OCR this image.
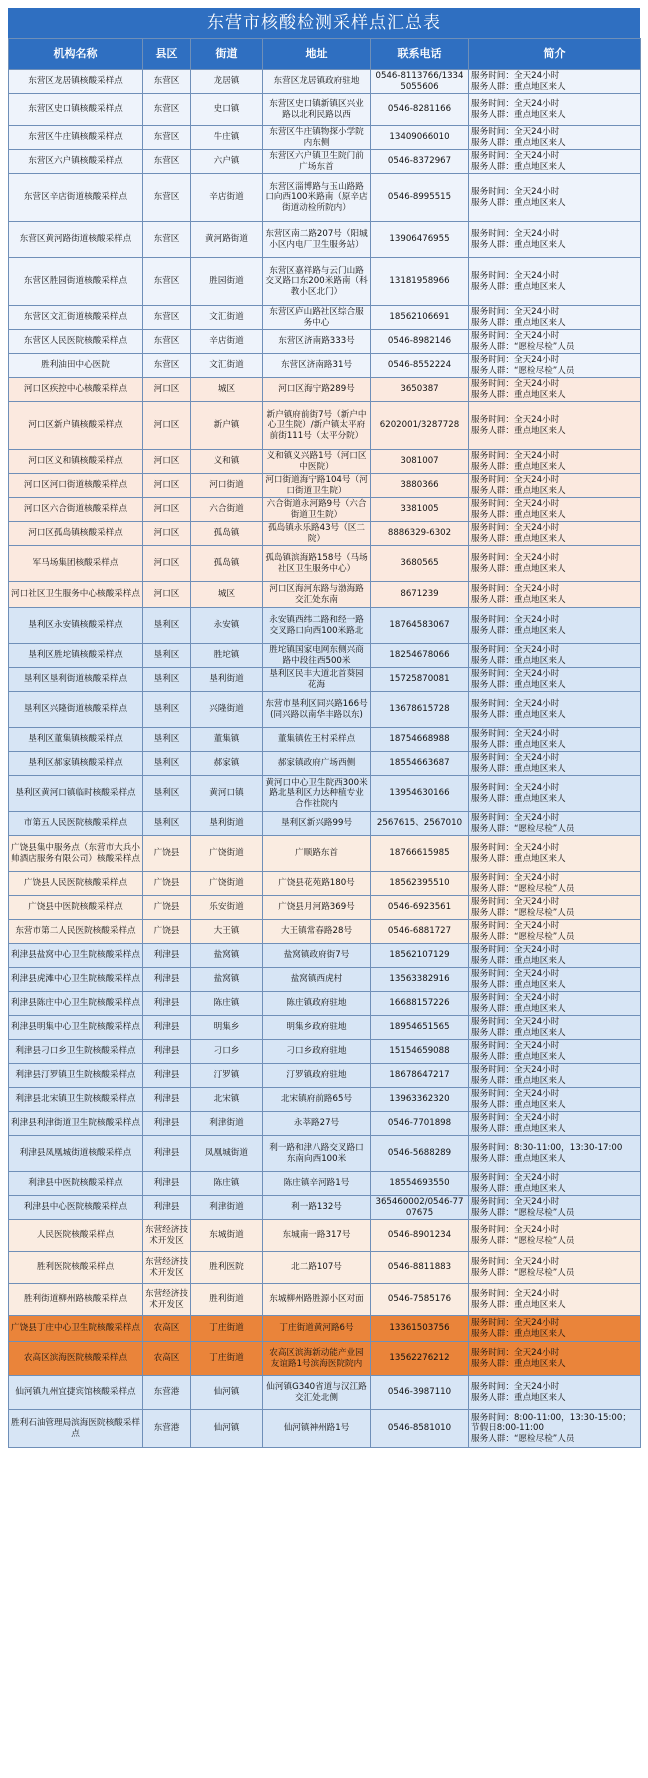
东营市核酸检测采样点汇总表
机构名称	县区	街道	地址	联系电话	简介
东营区龙居镇核酸采样点	东营区	龙居镇	东营区龙居镇政府驻地	0546-8113766/13345055606	服务时间：全天24小时
服务人群：重点地区来人
东营区史口镇核酸采样点	东营区	史口镇	东营区史口镇新镇区兴业路以北利民路以西	0546-8281166	服务时间：全天24小时
服务人群：重点地区来人
东营区牛庄镇核酸采样点	东营区	牛庄镇	东营区牛庄镇物探小学院内东侧	13409066010	服务时间：全天24小时
服务人群：重点地区来人
东营区六户镇核酸采样点	东营区	六户镇	东营区六户镇卫生院门前广场东首	0546-8372967	服务时间：全天24小时
服务人群：重点地区来人
东营区辛店街道核酸采样点	东营区	辛店街道	东营区淄博路与玉山路路口向西100米路南（原辛店街道动检所院内）	0546-8995515	服务时间：全天24小时
服务人群：重点地区来人
东营区黄河路街道核酸采样点	东营区	黄河路街道	东营区南二路207号（阳城小区内电厂卫生服务站）	13906476955	服务时间：全天24小时
服务人群：重点地区来人
东营区胜园街道核酸采样点	东营区	胜园街道	东营区嘉祥路与云门山路交叉路口东200米路南（科教小区北门）	13181958966	服务时间：全天24小时
服务人群：重点地区来人
东营区文汇街道核酸采样点	东营区	文汇街道	东营区庐山路社区综合服务中心	18562106691	服务时间：全天24小时
服务人群：重点地区来人
东营区人民医院核酸采样点	东营区	辛店街道	东营区济南路333号	0546-8982146	服务时间：全天24小时
服务人群：“愿检尽检”人员
胜利油田中心医院	东营区	文汇街道	东营区济南路31号	0546-8552224	服务时间：全天24小时
服务人群：“愿检尽检”人员
河口区疾控中心核酸采样点	河口区	城区	河口区海宁路289号	3650387	服务时间：全天24小时
服务人群：重点地区来人
河口区新户镇核酸采样点	河口区	新户镇	新户镇府前街7号（新户中心卫生院）/新户镇太平府前街111号（太平分院）	6202001/3287728	服务时间：全天24小时
服务人群：重点地区来人
河口区义和镇核酸采样点	河口区	义和镇	义和镇义兴路1号（河口区中医院）	3081007	服务时间：全天24小时
服务人群：重点地区来人
河口区河口街道核酸采样点	河口区	河口街道	河口街道海宁路104号（河口街道卫生院）	3880366	服务时间：全天24小时
服务人群：重点地区来人
河口区六合街道核酸采样点	河口区	六合街道	六合街道永河路9号（六合街道卫生院）	3381005	服务时间：全天24小时
服务人群：重点地区来人
河口区孤岛镇核酸采样点	河口区	孤岛镇	孤岛镇永乐路43号（区二院）	8886329-6302	服务时间：全天24小时
服务人群：重点地区来人
军马场集团核酸采样点	河口区	孤岛镇	孤岛镇滨海路158号（马场社区卫生服务中心）	3680565	服务时间：全天24小时
服务人群：重点地区来人
河口社区卫生服务中心核酸采样点	河口区	城区	河口区海河东路与渤海路交汇处东南	8671239	服务时间：全天24小时
服务人群：重点地区来人
垦利区永安镇核酸采样点	垦利区	永安镇	永安镇西纬二路和经一路交叉路口向西100米路北	18764583067	服务时间：全天24小时
服务人群：重点地区来人
垦利区胜坨镇核酸采样点	垦利区	胜坨镇	胜坨镇国家电网东侧兴商路中段往西500米	18254678066	服务时间：全天24小时
服务人群：重点地区来人
垦利区垦利街道核酸采样点	垦利区	垦利街道	垦利区民丰大道北首葵园花海	15725870081	服务时间：全天24小时
服务人群：重点地区来人
垦利区兴隆街道核酸采样点	垦利区	兴隆街道	东营市垦利区同兴路166号(同兴路以南华丰路以东)	13678615728	服务时间：全天24小时
服务人群：重点地区来人
垦利区董集镇核酸采样点	垦利区	董集镇	董集镇佐王村采样点	18754668988	服务时间：全天24小时
服务人群：重点地区来人
垦利区郝家镇核酸采样点	垦利区	郝家镇	郝家镇政府广场西侧	18554663687	服务时间：全天24小时
服务人群：重点地区来人
垦利区黄河口镇临时核酸采样点	垦利区	黄河口镇	黄河口中心卫生院西300米路北垦利区力达种植专业合作社院内	13954630166	服务时间：全天24小时
服务人群：重点地区来人
市第五人民医院核酸采样点	垦利区	垦利街道	垦利区新兴路99号	2567615、2567010	服务时间：全天24小时
服务人群：“愿检尽检”人员
广饶县集中服务点（东营市大兵小帅酒店服务有限公司）核酸采样点	广饶县	广饶街道	广顺路东首	18766615985	服务时间：全天24小时
服务人群：重点地区来人
广饶县人民医院核酸采样点	广饶县	广饶街道	广饶县花苑路180号	18562395510	服务时间：全天24小时
服务人群：“愿检尽检”人员
广饶县中医院核酸采样点	广饶县	乐安街道	广饶县月河路369号	0546-6923561	服务时间：全天24小时
服务人群：“愿检尽检”人员
东营市第二人民医院核酸采样点	广饶县	大王镇	大王镇常春路28号	0546-6881727	服务时间：全天24小时
服务人群：“愿检尽检”人员
利津县盐窝中心卫生院核酸采样点	利津县	盐窝镇	盐窝镇政府街7号	18562107129	服务时间：全天24小时
服务人群：重点地区来人
利津县虎滩中心卫生院核酸采样点	利津县	盐窝镇	盐窝镇西虎村	13563382916	服务时间：全天24小时
服务人群：重点地区来人
利津县陈庄中心卫生院核酸采样点	利津县	陈庄镇	陈庄镇政府驻地	16688157226	服务时间：全天24小时
服务人群：重点地区来人
利津县明集中心卫生院核酸采样点	利津县	明集乡	明集乡政府驻地	18954651565	服务时间：全天24小时
服务人群：重点地区来人
利津县刁口乡卫生院核酸采样点	利津县	刁口乡	刁口乡政府驻地	15154659088	服务时间：全天24小时
服务人群：重点地区来人
利津县汀罗镇卫生院核酸采样点	利津县	汀罗镇	汀罗镇政府驻地	18678647217	服务时间：全天24小时
服务人群：重点地区来人
利津县北宋镇卫生院核酸采样点	利津县	北宋镇	北宋镇府前路65号	13963362320	服务时间：全天24小时
服务人群：重点地区来人
利津县利津街道卫生院核酸采样点	利津县	利津街道	永莘路27号	0546-7701898	服务时间：全天24小时
服务人群：重点地区来人
利津县凤凰城街道核酸采样点	利津县	凤凰城街道	利一路和津八路交叉路口东南向西100米	0546-5688289	服务时间：8:30-11:00，13:30-17:00
服务人群：重点地区来人
利津县中医院核酸采样点	利津县	陈庄镇	陈庄镇辛河路1号	18554693550	服务时间：全天24小时
服务人群：重点地区来人
利津县中心医院核酸采样点	利津县	利津街道	利一路132号	365460002/0546-7707675	服务时间：全天24小时
服务人群：“愿检尽检”人员
人民医院核酸采样点	东营经济技术开发区	东城街道	东城南一路317号	0546-8901234	服务时间：全天24小时
服务人群：“愿检尽检”人员
胜利医院核酸采样点	东营经济技术开发区	胜利医院	北二路107号	0546-8811883	服务时间：全天24小时
服务人群：“愿检尽检”人员
胜利街道柳州路核酸采样点	东营经济技术开发区	胜利街道	东城柳州路胜源小区对面	0546-7585176	服务时间：全天24小时
服务人群：重点地区来人
广饶县丁庄中心卫生院核酸采样点	农高区	丁庄街道	丁庄街道黄河路6号	13361503756	服务时间：全天24小时
服务人群：重点地区来人
农高区滨海医院核酸采样点	农高区	丁庄街道	农高区滨海新动能产业园友谊路1号滨海医院院内	13562276212	服务时间：全天24小时
服务人群：重点地区来人
仙河镇九州宜捷宾馆核酸采样点	东营港	仙河镇	仙河镇G340省道与汉江路交汇处北侧	0546-3987110	服务时间：全天24小时
服务人群：重点地区来人
胜利石油管理局滨海医院核酸采样点	东营港	仙河镇	仙河镇神州路1号	0546-8581010	服务时间：8:00-11:00，13:30-15:00；节假日8:00-11:00
服务人群：“愿检尽检”人员
